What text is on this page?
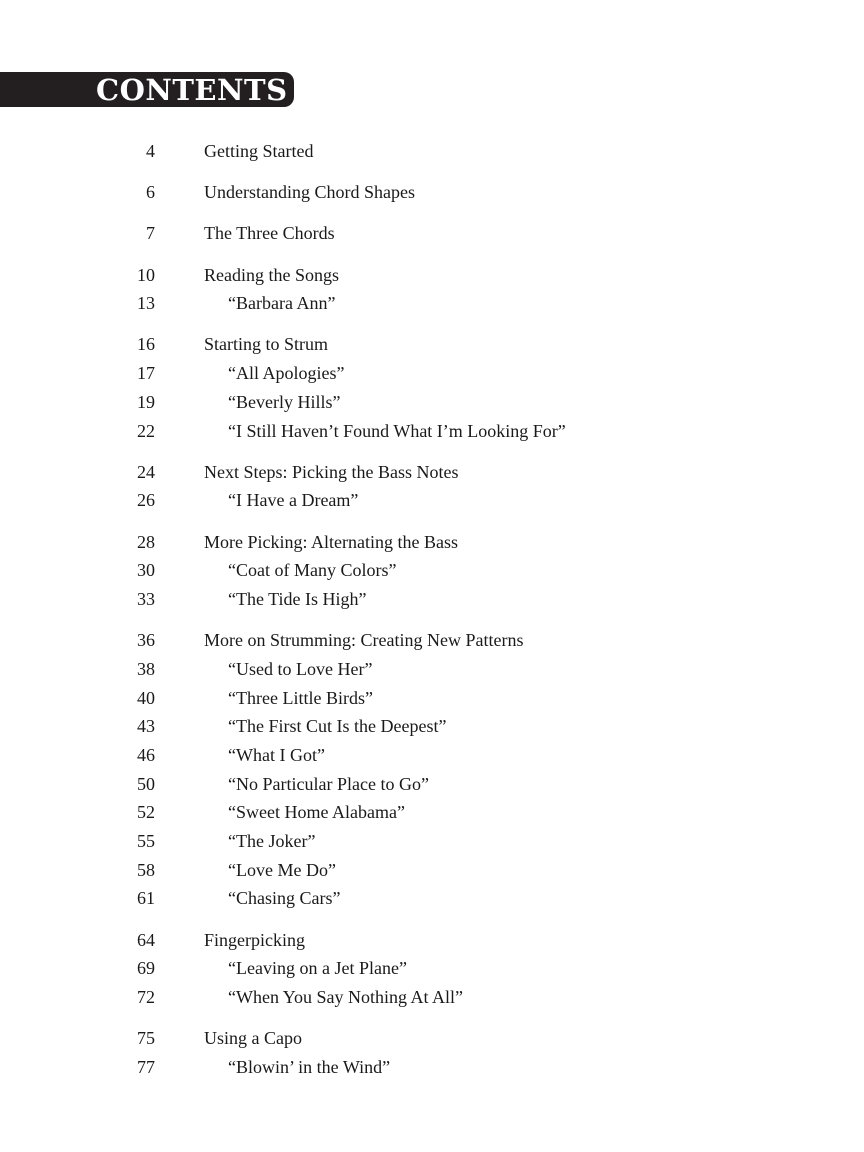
CONTENTS
4	Getting Started
6	Understanding Chord Shapes
7	The Three Chords
10	Reading the Songs
13	“Barbara Ann”
16	Starting to Strum
17	“All Apologies”
19	“Beverly Hills”
22	“I Still Haven’t Found What I’m Looking For”
24	Next Steps: Picking the Bass Notes
26	“I Have a Dream”
28	More Picking: Alternating the Bass
30	“Coat of Many Colors”
33	“The Tide Is High”
36	More on Strumming: Creating New Patterns
38	“Used to Love Her”
40	“Three Little Birds”
43	“The First Cut Is the Deepest”
46	“What I Got”
50	“No Particular Place to Go”
52	“Sweet Home Alabama”
55	“The Joker”
58	“Love Me Do”
61	“Chasing Cars”
64	Fingerpicking
69	“Leaving on a Jet Plane”
72	“When You Say Nothing At All”
75	Using a Capo
77	“Blowin’ in the Wind”
